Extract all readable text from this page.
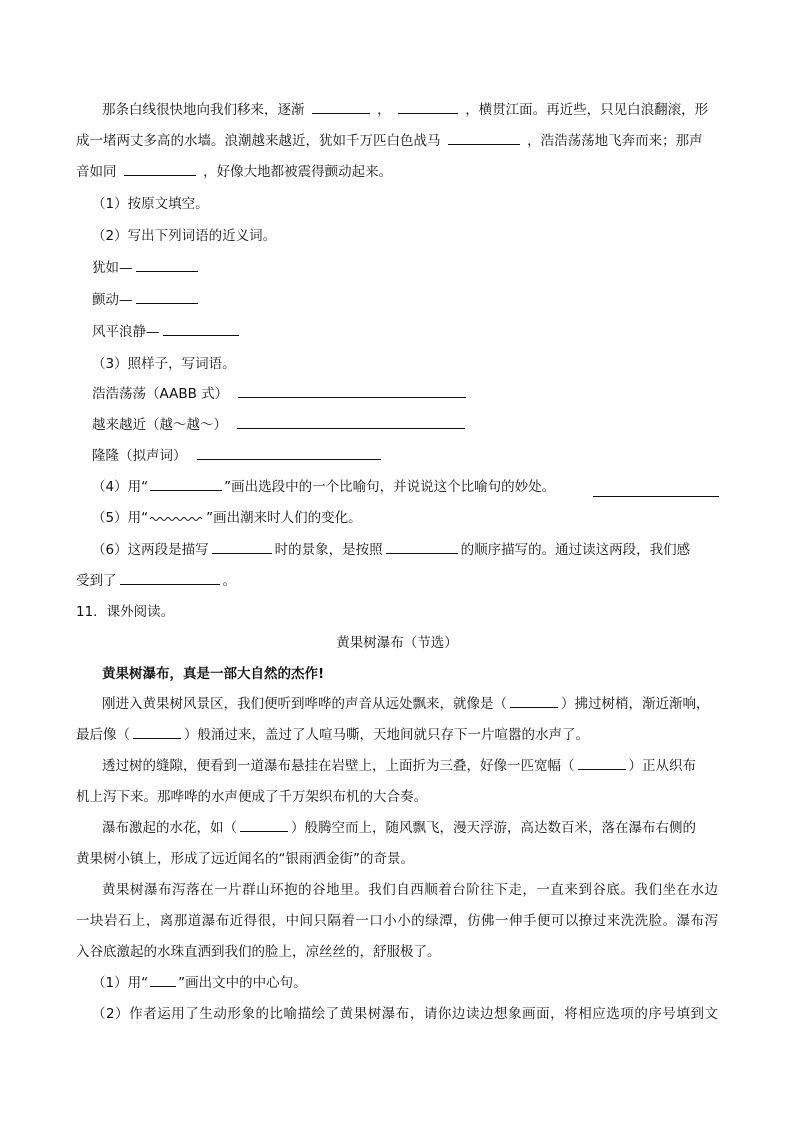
那条白线很快地向我们移来，逐渐	，	，横贯江面。再近些，只见白浪翻滚，形
成一堵两丈多高的水墙。浪潮越来越近，犹如千万匹白色战马	，浩浩荡荡地飞奔而来；那声
音如同	，好像大地都被震得颤动起来。
（1）按原文填空。
（2）写出下列词语的近义词。
犹如—
颤动—
风平浪静—
（3）照样子，写词语。
浩浩荡荡（AABB 式）
越来越近（越～越～）
隆隆（拟声词）
（4）用“	”画出选段中的一个比喻句，并说说这个比喻句的妙处。
（5）用“	”画出潮来时人们的变化。
（6）这两段是描写	时的景象，是按照	的顺序描写的。通过读这两段，我们感
受到了	。
11．课外阅读。
黄果树瀑布（节选）
黄果树瀑布，真是一部大自然的杰作!
刚进入黄果树风景区，我们便听到哗哗的声音从远处飘来，就像是（	）拂过树梢，渐近渐响，
最后像（	）般涌过来，盖过了人喧马嘶，天地间就只存下一片喧嚣的水声了。
透过树的缝隙，便看到一道瀑布悬挂在岩壁上，上面折为三叠，好像一匹宽幅（	）正从织布
机上泻下来。那哗哗的水声便成了千万架织布机的大合奏。
瀑布激起的水花，如（	）般腾空而上，随风飘飞，漫天浮游，高达数百米，落在瀑布右侧的
黄果树小镇上，形成了远近闻名的“银雨洒金街”的奇景。
黄果树瀑布泻落在一片群山环抱的谷地里。我们自西顺着台阶往下走，一直来到谷底。我们坐在水边
一块岩石上，离那道瀑布近得很，中间只隔着一口小小的绿潭，仿佛一伸手便可以撩过来洗洗脸。瀑布泻
入谷底激起的水珠直洒到我们的脸上，凉丝丝的，舒服极了。
（1）用“ ”画出文中的中心句。
（2）作者运用了生动形象的比喻描绘了黄果树瀑布，请你边读边想象画面，将相应选项的序号填到文
